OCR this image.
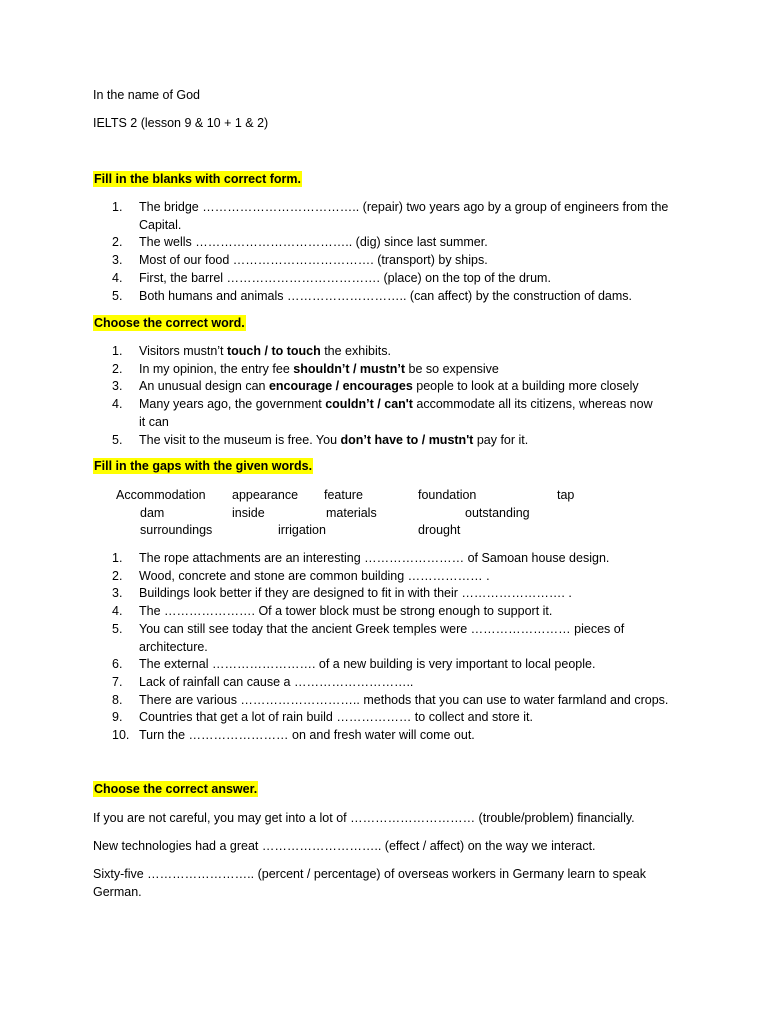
In the name of God
IELTS 2 (lesson 9 & 10 + 1 & 2)
Fill in the blanks with correct form.
1. The bridge ……………………………….. (repair) two years ago by a group of engineers from the Capital.
2. The wells ……………………………….. (dig) since last summer.
3. Most of our food ……………………………. (transport) by ships.
4. First, the barrel ………………………………. (place) on the top of the drum.
5. Both humans and animals ……………………….. (can affect) by the construction of dams.
Choose the correct word.
1. Visitors mustn’t touch / to touch the exhibits.
2. In my opinion, the entry fee shouldn’t / mustn’t be so expensive
3. An unusual design can encourage / encourages people to look at a building more closely
4. Many years ago, the government couldn’t / can't accommodate all its citizens, whereas now it can
5. The visit to the museum is free. You don’t have to / mustn't pay for it.
Fill in the gaps with the given words.
Accommodation appearance feature	foundation	tap
dam	inside	materials	outstanding
surroundings	irrigation	drought
1. The rope attachments are an interesting …………………… of Samoan house design.
2. Wood, concrete and stone are common building ……………… .
3. Buildings look better if they are designed to fit in with their ……………………. .
4. The …………………. Of a tower block must be strong enough to support it.
5. You can still see today that the ancient Greek temples were …………………… pieces of architecture.
6. The external ……………………. of a new building is very important to local people.
7. Lack of rainfall can cause a ………………………..
8. There are various ……………………….. methods that you can use to water farmland and crops.
9. Countries that get a lot of rain build ……………… to collect and store it.
10. Turn the …………………… on and fresh water will come out.
Choose the correct answer.
If you are not careful, you may get into a lot of ………………………… (trouble/problem) financially.
New technologies had a great ……………………….. (effect / affect) on the way we interact.
Sixty-five …………………….. (percent / percentage) of overseas workers in Germany learn to speak German.
